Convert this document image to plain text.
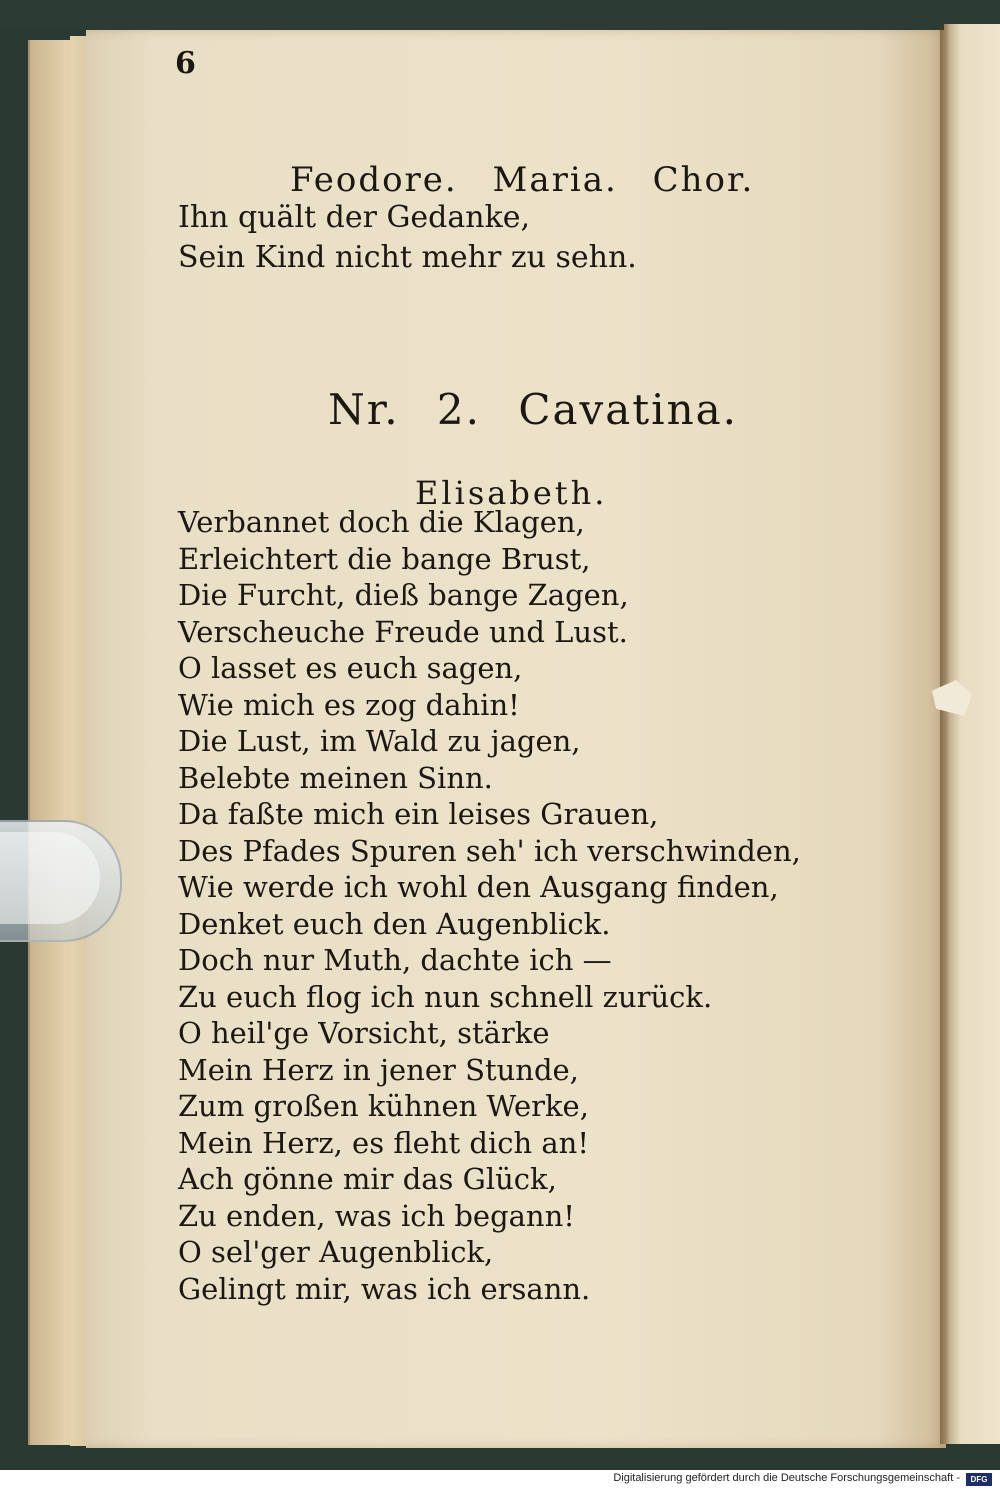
6
Feodore. Maria. Chor.
Ihn quält der Gedanke,
Sein Kind nicht mehr zu sehn.
Nr. 2. Cavatina.
Elisabeth.
Verbannet doch die Klagen,
Erleichtert die bange Brust,
Die Furcht, dieß bange Zagen,
Verscheuche Freude und Lust.
O lasset es euch sagen,
Wie mich es zog dahin!
Die Lust, im Wald zu jagen,
Belebte meinen Sinn.
Da faßte mich ein leises Grauen,
Des Pfades Spuren seh' ich verschwinden,
Wie werde ich wohl den Ausgang finden,
Denket euch den Augenblick.
Doch nur Muth, dachte ich —
Zu euch flog ich nun schnell zurück.
O heil'ge Vorsicht, stärke
Mein Herz in jener Stunde,
Zum großen kühnen Werke,
Mein Herz, es fleht dich an!
Ach gönne mir das Glück,
Zu enden, was ich begann!
O sel'ger Augenblick,
Gelingt mir, was ich ersann.
Digitalisierung gefördert durch die Deutsche Forschungsgemeinschaft -	DFG
